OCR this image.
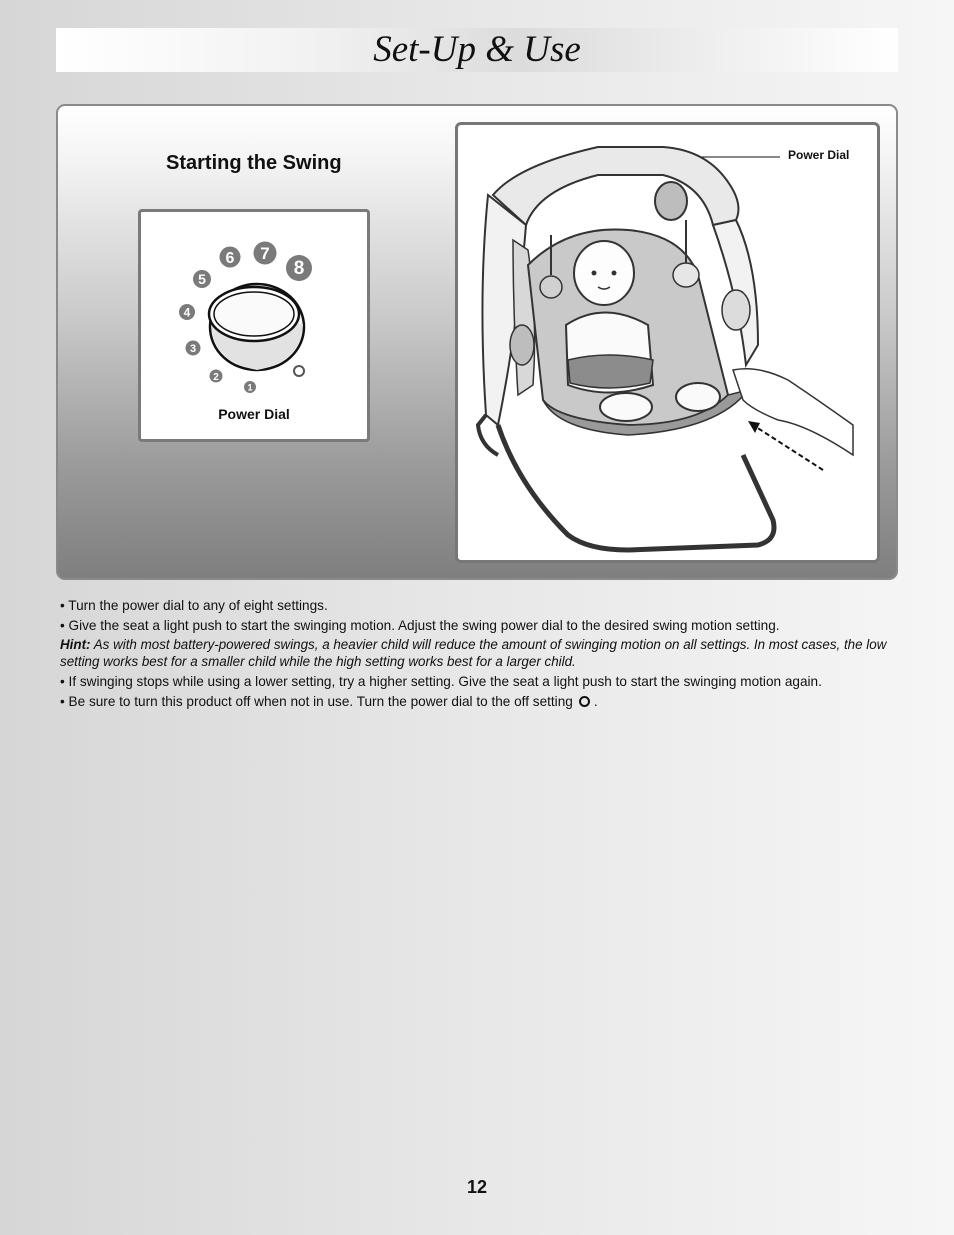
Set-Up & Use
Starting the Swing
8
7
6
5
4
3
2
1
Power Dial
Power Dial

• Turn the power dial to any of eight settings.

• Give the seat a light push to start the swinging motion. Adjust the swing power dial to the desired swing motion setting.

Hint: As with most battery-powered swings, a heavier child will reduce the amount of swinging motion on all settings. In most cases, the low setting works best for a smaller child while the high setting works best for a larger child.

• If swinging stops while using a lower setting, try a higher setting. Give the seat a light push to start the swinging motion again.

• Be sure to turn this product off when not in use. Turn the power dial to the off setting .

12
